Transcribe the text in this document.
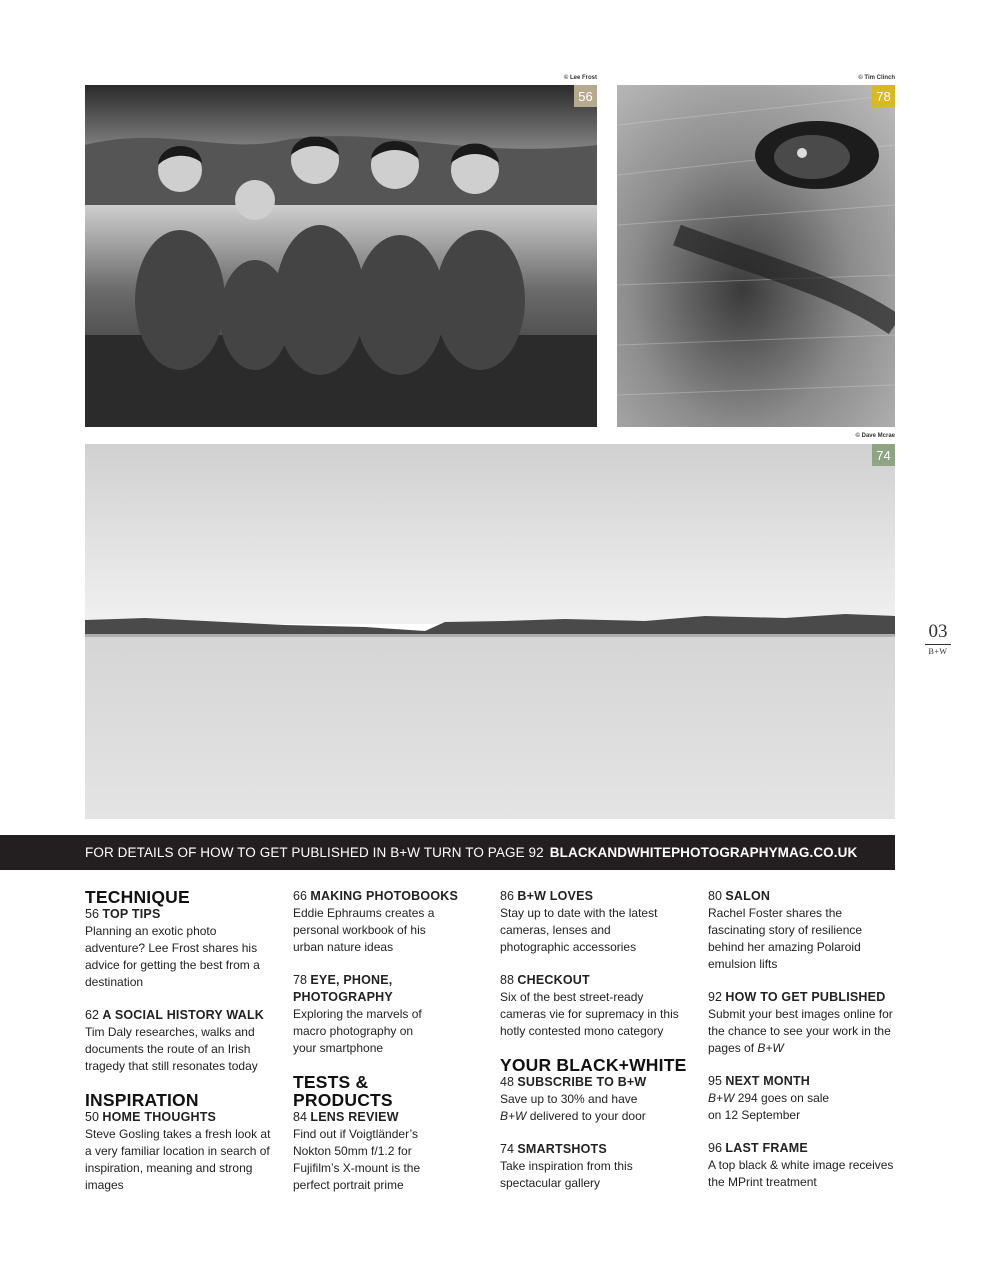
© Lee Frost	© Tim Clinch
© Dave Mcrae
56	78
74
03
B+W
FOR DETAILS OF HOW TO GET PUBLISHED IN B+W TURN TO PAGE 92 BLACKANDWHITEPHOTOGRAPHYMAG.CO.UK
TECHNIQUE
56 TOP TIPS
Planning an exotic photo adventure? Lee Frost shares his advice for getting the best from a destination
62 A SOCIAL HISTORY WALK
Tim Daly researches, walks and documents the route of an Irish tragedy that still resonates today
INSPIRATION
50 HOME THOUGHTS
Steve Gosling takes a fresh look at a very familiar location in search of inspiration, meaning and strong images
66 MAKING PHOTOBOOKS
Eddie Ephraums creates a personal workbook of his urban nature ideas
78 EYE, PHONE, PHOTOGRAPHY
Exploring the marvels of macro photography on your smartphone
TESTS & PRODUCTS
84 LENS REVIEW
Find out if Voigtländer’s Nokton 50mm f/1.2 for Fujifilm’s X-mount is the perfect portrait prime
86 B+W LOVES
Stay up to date with the latest cameras, lenses and photographic accessories
88 CHECKOUT
Six of the best street-ready cameras vie for supremacy in this hotly contested mono category
YOUR BLACK+WHITE
48 SUBSCRIBE TO B+W
Save up to 30% and have
B+W delivered to your door
74 SMARTSHOTS
Take inspiration from this spectacular gallery
80 SALON
Rachel Foster shares the fascinating story of resilience behind her amazing Polaroid emulsion lifts
92 HOW TO GET PUBLISHED
Submit your best images online for the chance to see your work in the pages of B+W
95 NEXT MONTH
B+W 294 goes on sale on 12 September
96 LAST FRAME
A top black & white image receives the MPrint treatment
